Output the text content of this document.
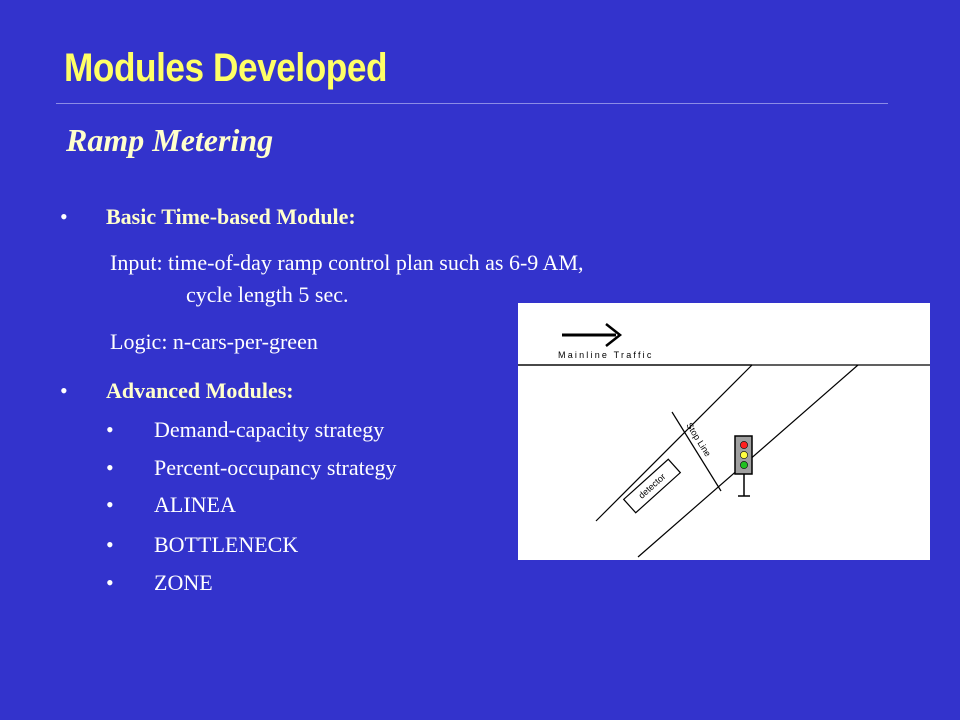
Modules Developed
Ramp Metering
• Basic Time-based Module:
Input: time-of-day ramp control plan such as 6-9 AM,
cycle length 5 sec.
Logic: n-cars-per-green
• Advanced Modules:
• Demand-capacity strategy
• Percent-occupancy strategy
• ALINEA
• BOTTLENECK
• ZONE
Mainline Traffic
Stop Line
detector
